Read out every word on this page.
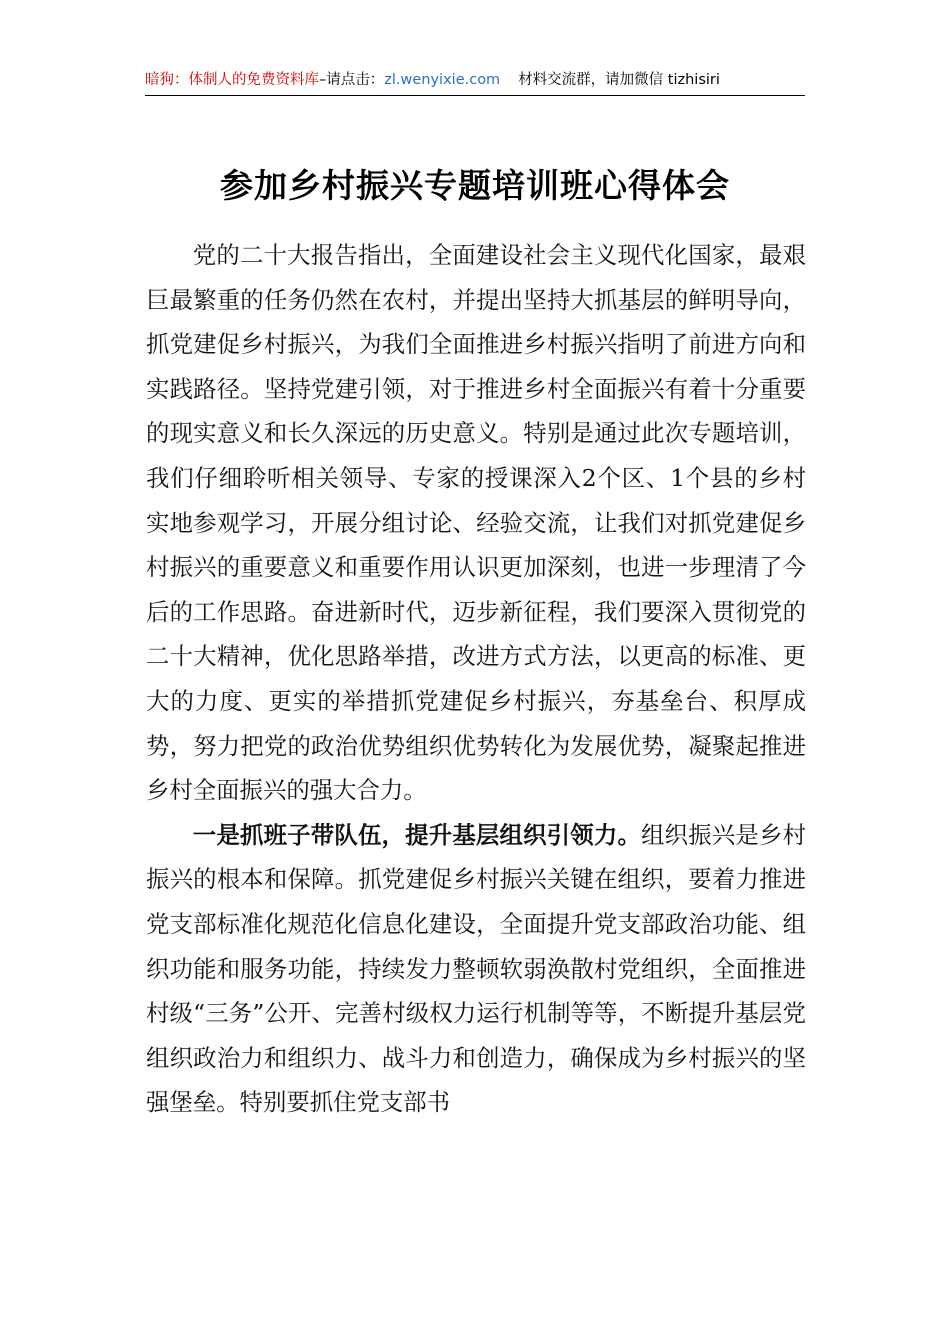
暗狗：体制人的免费资料库–请点击：zl.wenyixie.com 材料交流群，请加微信 tizhisiri
参加乡村振兴专题培训班心得体会

党的二十大报告指出，全面建设社会主义现代化国家，最艰巨最繁重的任务仍然在农村，并提出坚持大抓基层的鲜明导向，抓党建促乡村振兴，为我们全面推进乡村振兴指明了前进方向和实践路径。坚持党建引领，对于推进乡村全面振兴有着十分重要的现实意义和长久深远的历史意义。特别是通过此次专题培训，我们仔细聆听相关领导、专家的授课深入2个区、1个县的乡村实地参观学习，开展分组讨论、经验交流，让我们对抓党建促乡村振兴的重要意义和重要作用认识更加深刻，也进一步理清了今后的工作思路。奋进新时代，迈步新征程，我们要深入贯彻党的二十大精神，优化思路举措，改进方式方法，以更高的标准、更大的力度、更实的举措抓党建促乡村振兴，夯基垒台、积厚成势，努力把党的政治优势组织优势转化为发展优势，凝聚起推进乡村全面振兴的强大合力。

一是抓班子带队伍，提升基层组织引领力。组织振兴是乡村振兴的根本和保障。抓党建促乡村振兴关键在组织，要着力推进党支部标准化规范化信息化建设，全面提升党支部政治功能、组织功能和服务功能，持续发力整顿软弱涣散村党组织，全面推进村级“三务”公开、完善村级权力运行机制等等，不断提升基层党组织政治力和组织力、战斗力和创造力，确保成为乡村振兴的坚强堡垒。特别要抓住党支部书
